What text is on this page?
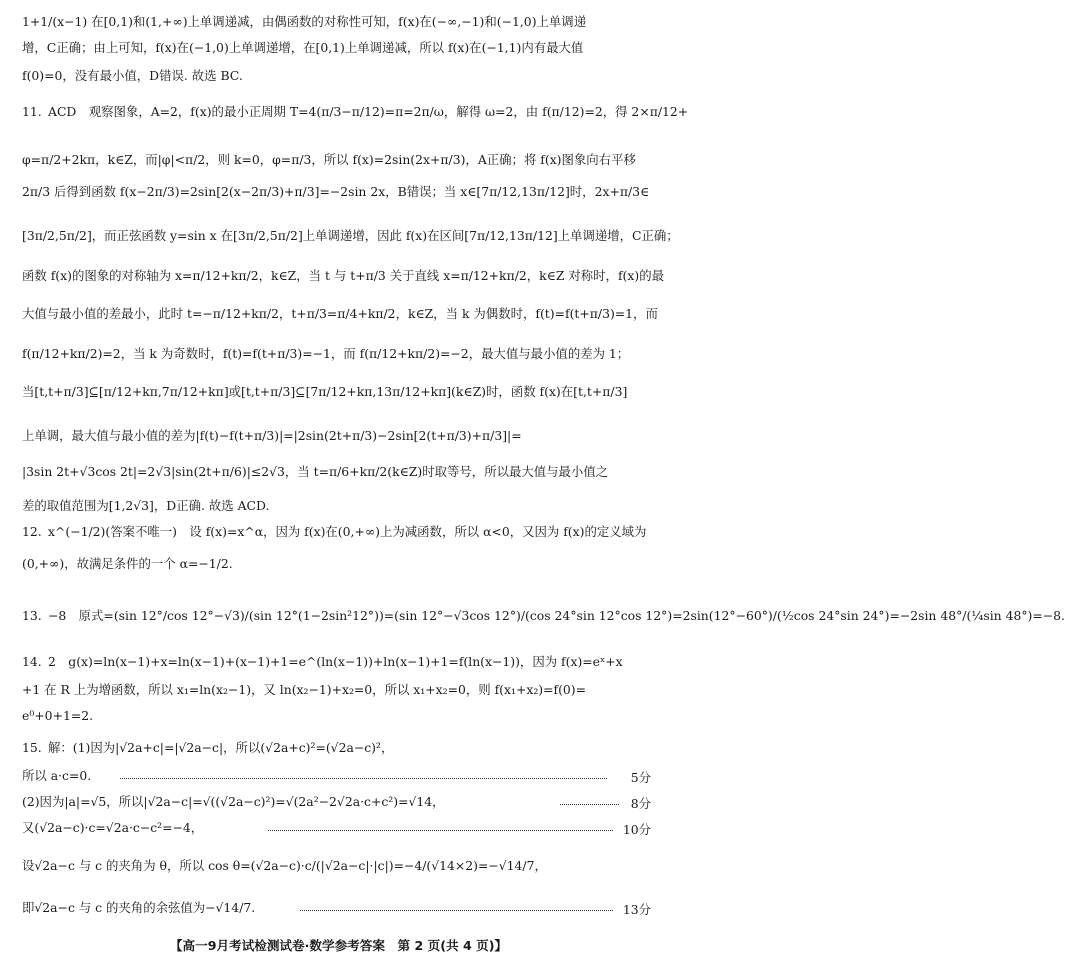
1+1/(x−1) 在[0,1)和(1,+∞)上单调递减，由偶函数的对称性可知，f(x)在(−∞,−1)和(−1,0)上单调递
增，C正确；由上可知，f(x)在(−1,0)上单调递增，在[0,1)上单调递减，所以 f(x)在(−1,1)内有最大值
f(0)=0，没有最小值，D错误. 故选 BC.
11. ACD　观察图象，A=2，f(x)的最小正周期 T=4(π/3−π/12)=π=2π/ω，解得 ω=2，由 f(π/12)=2，得 2×π/12+
φ=π/2+2kπ，k∈Z，而|φ|<π/2，则 k=0，φ=π/3，所以 f(x)=2sin(2x+π/3)，A正确；将 f(x)图象向右平移
2π/3 后得到函数 f(x−2π/3)=2sin[2(x−2π/3)+π/3]=−2sin 2x，B错误；当 x∈[7π/12,13π/12]时，2x+π/3∈
[3π/2,5π/2]，而正弦函数 y=sin x 在[3π/2,5π/2]上单调递增，因此 f(x)在区间[7π/12,13π/12]上单调递增，C正确；
函数 f(x)的图象的对称轴为 x=π/12+kπ/2，k∈Z，当 t 与 t+π/3 关于直线 x=π/12+kπ/2，k∈Z 对称时，f(x)的最
大值与最小值的差最小，此时 t=−π/12+kπ/2，t+π/3=π/4+kπ/2，k∈Z，当 k 为偶数时，f(t)=f(t+π/3)=1，而
f(π/12+kπ/2)=2，当 k 为奇数时，f(t)=f(t+π/3)=−1，而 f(π/12+kπ/2)=−2，最大值与最小值的差为 1；
当[t,t+π/3]⊆[π/12+kπ,7π/12+kπ]或[t,t+π/3]⊆[7π/12+kπ,13π/12+kπ](k∈Z)时，函数 f(x)在[t,t+π/3]
上单调，最大值与最小值的差为|f(t)−f(t+π/3)|=|2sin(2t+π/3)−2sin[2(t+π/3)+π/3]|=
|3sin 2t+√3cos 2t|=2√3|sin(2t+π/6)|≤2√3，当 t=π/6+kπ/2(k∈Z)时取等号，所以最大值与最小值之
差的取值范围为[1,2√3]，D正确. 故选 ACD.
12. x^(−1/2)(答案不唯一)　设 f(x)=x^α，因为 f(x)在(0,+∞)上为减函数，所以 α<0，又因为 f(x)的定义域为
(0,+∞)，故满足条件的一个 α=−1/2.
13. −8　原式=(sin 12°/cos 12°−√3)/(sin 12°(1−2sin²12°))=(sin 12°−√3cos 12°)/(cos 24°sin 12°cos 12°)=2sin(12°−60°)/(½cos 24°sin 24°)=−2sin 48°/(¼sin 48°)=−8.
14. 2　g(x)=ln(x−1)+x=ln(x−1)+(x−1)+1=e^(ln(x−1))+ln(x−1)+1=f(ln(x−1))，因为 f(x)=eˣ+x
+1 在 R 上为增函数，所以 x₁=ln(x₂−1)，又 ln(x₂−1)+x₂=0，所以 x₁+x₂=0，则 f(x₁+x₂)=f(0)=
e⁰+0+1=2.
15. 解：(1)因为|√2a+c|=|√2a−c|，所以(√2a+c)²=(√2a−c)²，
所以 a·c=0.	5分
(2)因为|a|=√5，所以|√2a−c|=√((√2a−c)²)=√(2a²−2√2a·c+c²)=√14，	8分
又(√2a−c)·c=√2a·c−c²=−4，	10分
设√2a−c 与 c 的夹角为 θ，所以 cos θ=(√2a−c)·c/(|√2a−c|·|c|)=−4/(√14×2)=−√14/7，
即√2a−c 与 c 的夹角的余弦值为−√14/7.	13分
【高一9月考试检测试卷·数学参考答案　第 2 页(共 4 页)】
